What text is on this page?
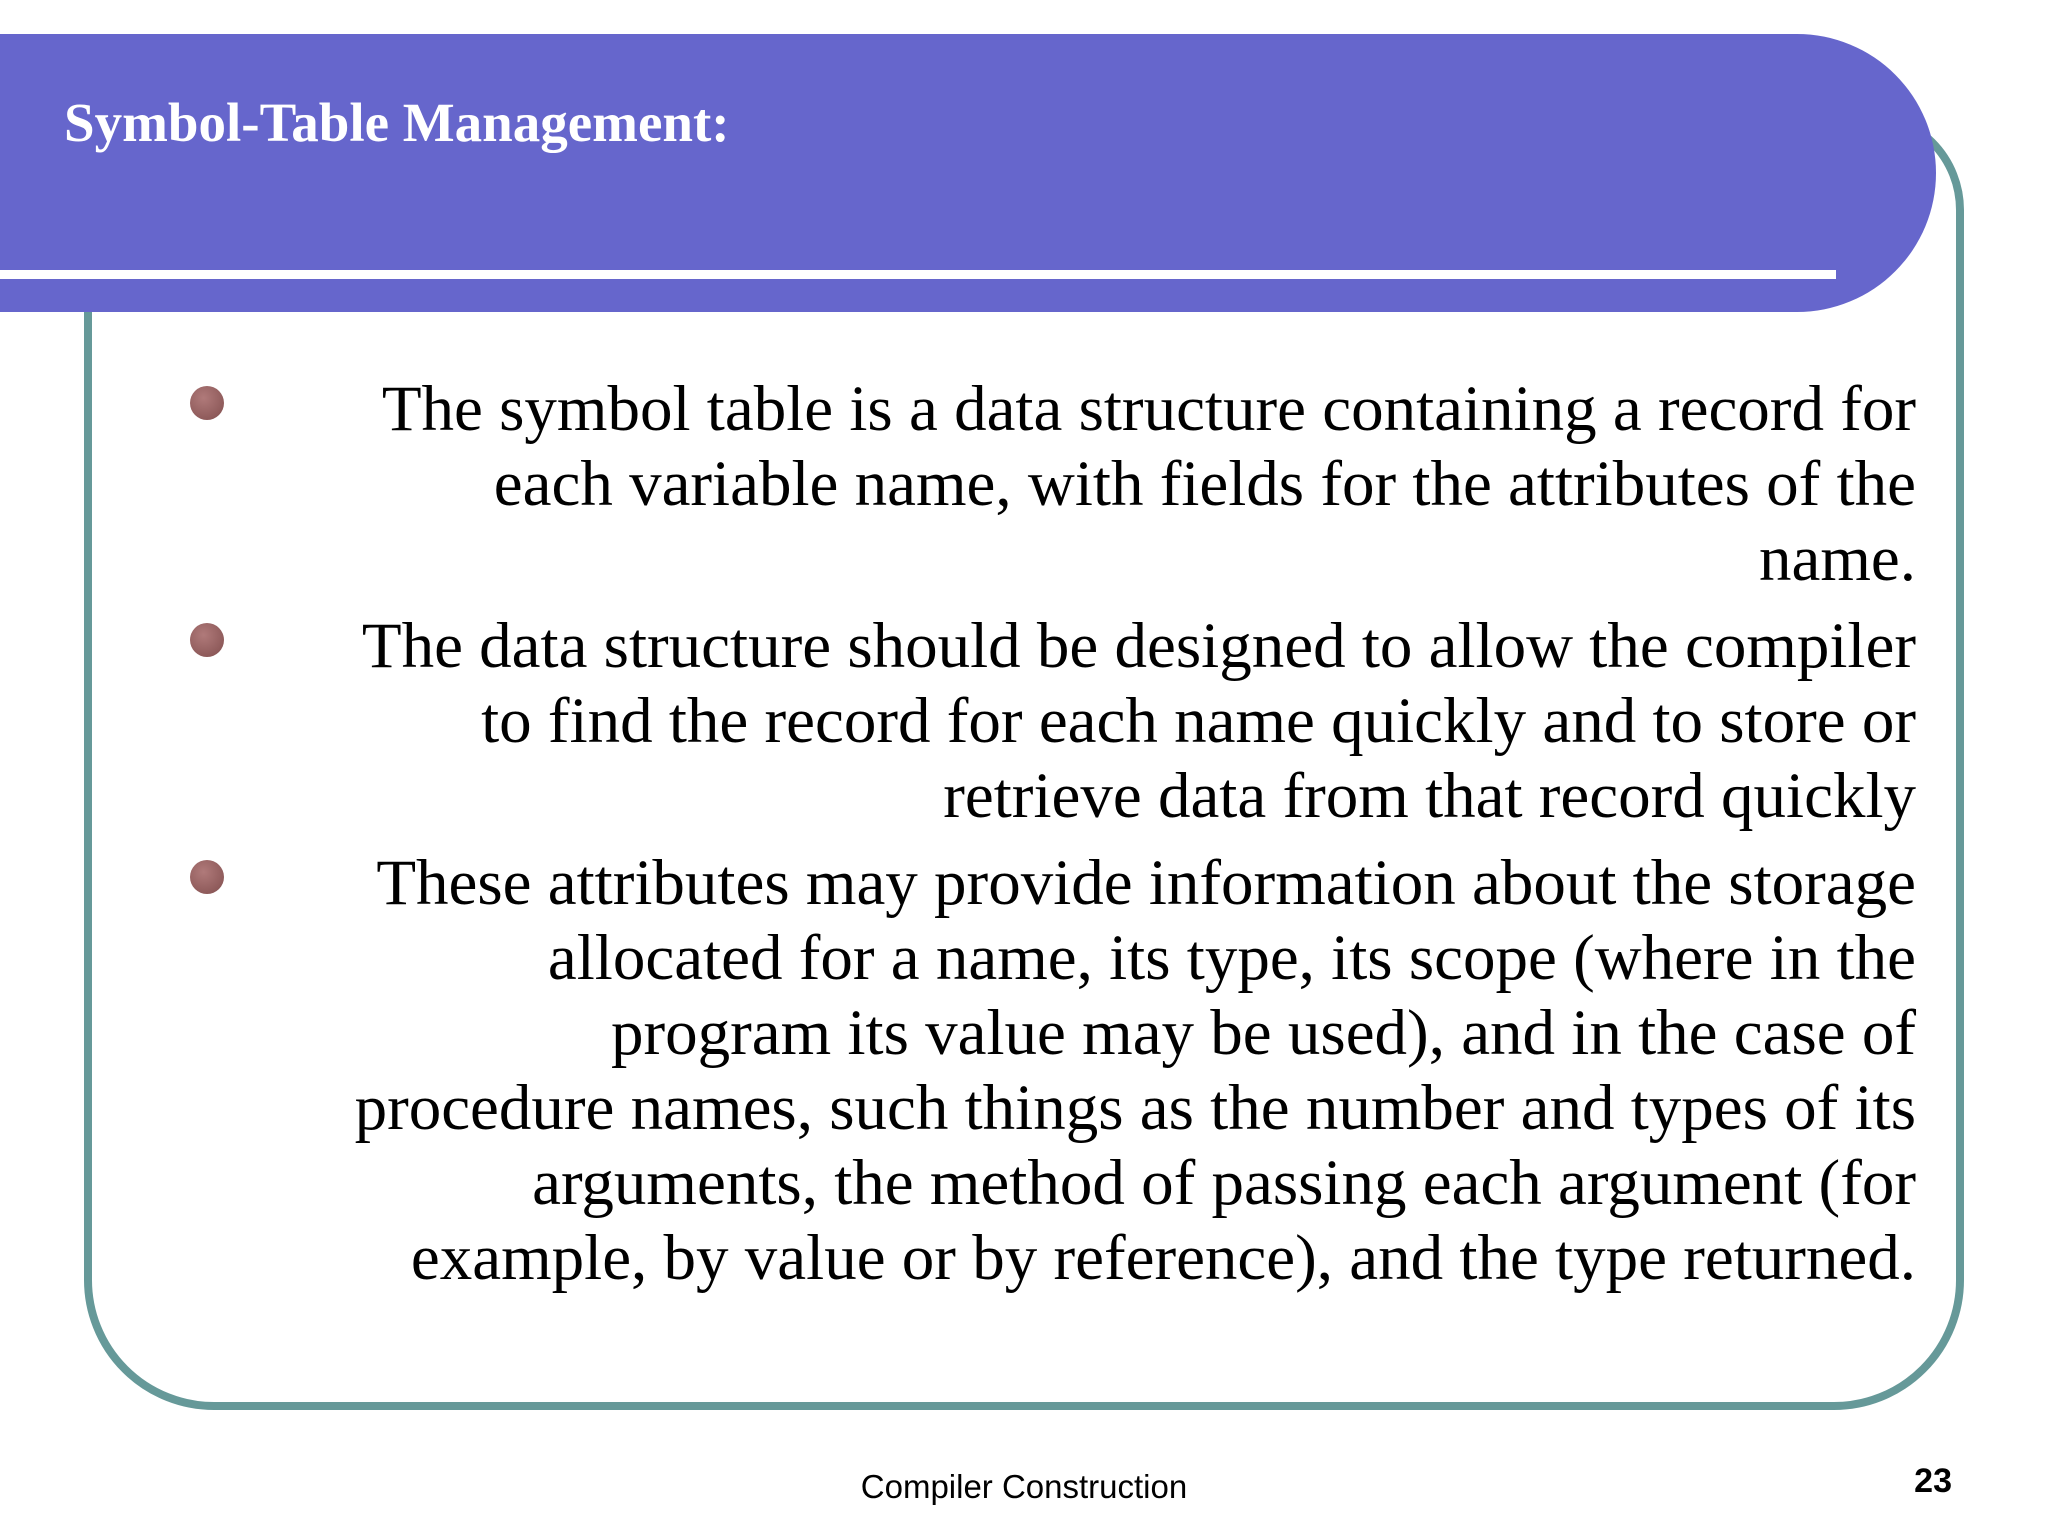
Symbol-Table Management:
The symbol table is a data structure containing a record for
each variable name, with fields for the attributes of the
name.
The data structure should be designed to allow the compiler
to find the record for each name quickly and to store or
retrieve data from that record quickly
These attributes may provide information about the storage
allocated for a name, its type, its scope (where in the
program its value may be used), and in the case of
procedure names, such things as the number and types of its
arguments, the method of passing each argument (for
example, by value or by reference), and the type returned.
Compiler Construction	23
